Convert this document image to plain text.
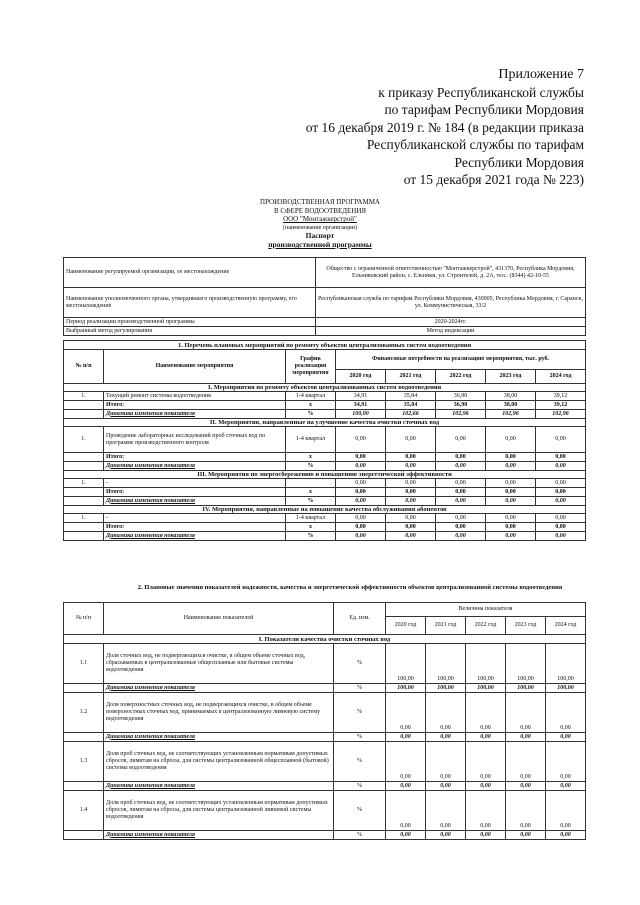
Приложение 7
к приказу Республиканской службы
по тарифам Республики Мордовия
от 16 декабря 2019 г. № 184 (в редакции приказа
Республиканской службы по тарифам
Республики Мордовия
от 15 декабря 2021 года № 223)
ПРОИЗВОДСТВЕННАЯ ПРОГРАММА
В СФЕРЕ ВОДООТВЕДЕНИЯ
ООО "Монтажкерстрой"
(наименование организации)
Паспорт
производственной программы
Наименование регулируемой организации, ее местонахождение	Общество с ограниченной ответственностью "Монтажкерстрой", 431370, Республика Мордовия, Ельниковский район, с. Ельники, ул. Строителей, д. 2А, тел.: (8344) 42-10-55
Наименование уполномоченного органа, утвердившего производственную программу, его местонахождение	Республиканская служба по тарифам Республики Мордовия, 430005, Республика Мордовия, г. Саранск, ул. Коммунистическая, 33/2
Период реализации производственной программы	2020-2024гг.
Выбранный метод регулирования	Метод индексации
1. Перечень плановых мероприятий по ремонту объектов централизованных систем водоотведения							
№ п/п	Наименование мероприятия	График реализации мероприятия	Финансовые потребности на реализацию мероприятия, тыс. руб.				
			2020 год	2021 год	2022 год	2023 год	2024 год
I. Мероприятия по ремонту объектов централизованных систем водоотведения							
1.	Текущий ремонт системы водоотведения	1-4 квартал	34,91	35,84	36,90	38,00	39,12
	Итого:	х	34,91	35,84	36,90	38,00	39,12
	Динамика изменения показателя	%	100,00	102,66	102,96	102,96	102,96
II. Мероприятия, направленные на улучшение качества очистки сточных вод							
1.	Проведение лабораторных исследований проб сточных вод по программе производственного контроля	1-4 квартал	0,00	0,00	0,00	0,00	0,00
	Итого:	х	0,00	0,00	0,00	0,00	0,00
	Динамика изменения показателя	%	0,00	0,00	0,00	0,00	0,00
III. Мероприятия по энергосбережению и повышению энергетической эффективности							
1.	-		0,00	0,00	0,00	0,00	0,00
	Итого:	х	0,00	0,00	0,00	0,00	0,00
	Динамика изменения показателя	%	0,00	0,00	0,00	0,00	0,00
IV. Мероприятия, направленные на повышение качества обслуживания абонентов							
1.	-	1-4 квартал	0,00	0,00	0,00	0,00	0,00
	Итого:	х	0,00	0,00	0,00	0,00	0,00
	Динамика изменения показателя	%	0,00	0,00	0,00	0,00	0,00
2. Плановые значения показателей надежности, качества и энергетической эффективности объектов централизованной системы водоотведения
№ п/п	Наименование показателей	Ед. изм.	Величина показателя				
			2020 год	2021 год	2022 год	2023 год	2024 год
I. Показатели качества очистки сточных вод							
1.1	Доля сточных вод, не подвергающихся очистке, в общем объеме сточных вод, сбрасываемых в централизованные общесплавные или бытовые системы водоотведения	%	100,00	100,00	100,00	100,00	100,00
	Динамика изменения показателя	%	100,00	100,00	100,00	100,00	100,00
1.2	Доля поверхностных сточных вод, не подвергающихся очистке, в общем объеме поверхностных сточных вод, принимаемых в централизованную ливневую систему водоотведения	%	0,00	0,00	0,00	0,00	0,00
	Динамика изменения показателя	%	0,00	0,00	0,00	0,00	0,00
1.3	Доля проб сточных вод, не соответствующих установленным нормативам допустимых сбросов, лимитам на сбросы, для системы централизованной общесплавной (бытовой) системы водоотведения	%	0,00	0,00	0,00	0,00	0,00
	Динамика изменения показателя	%	0,00	0,00	0,00	0,00	0,00
1.4	Доля проб сточных вод, не соответствующих установленным нормативам допустимых сбросов, лимитам на сбросы, для системы централизованной ливневой системы водоотведения	%	0,00	0,00	0,00	0,00	0,00
	Динамика изменения показателя	%	0,00	0,00	0,00	0,00	0,00
